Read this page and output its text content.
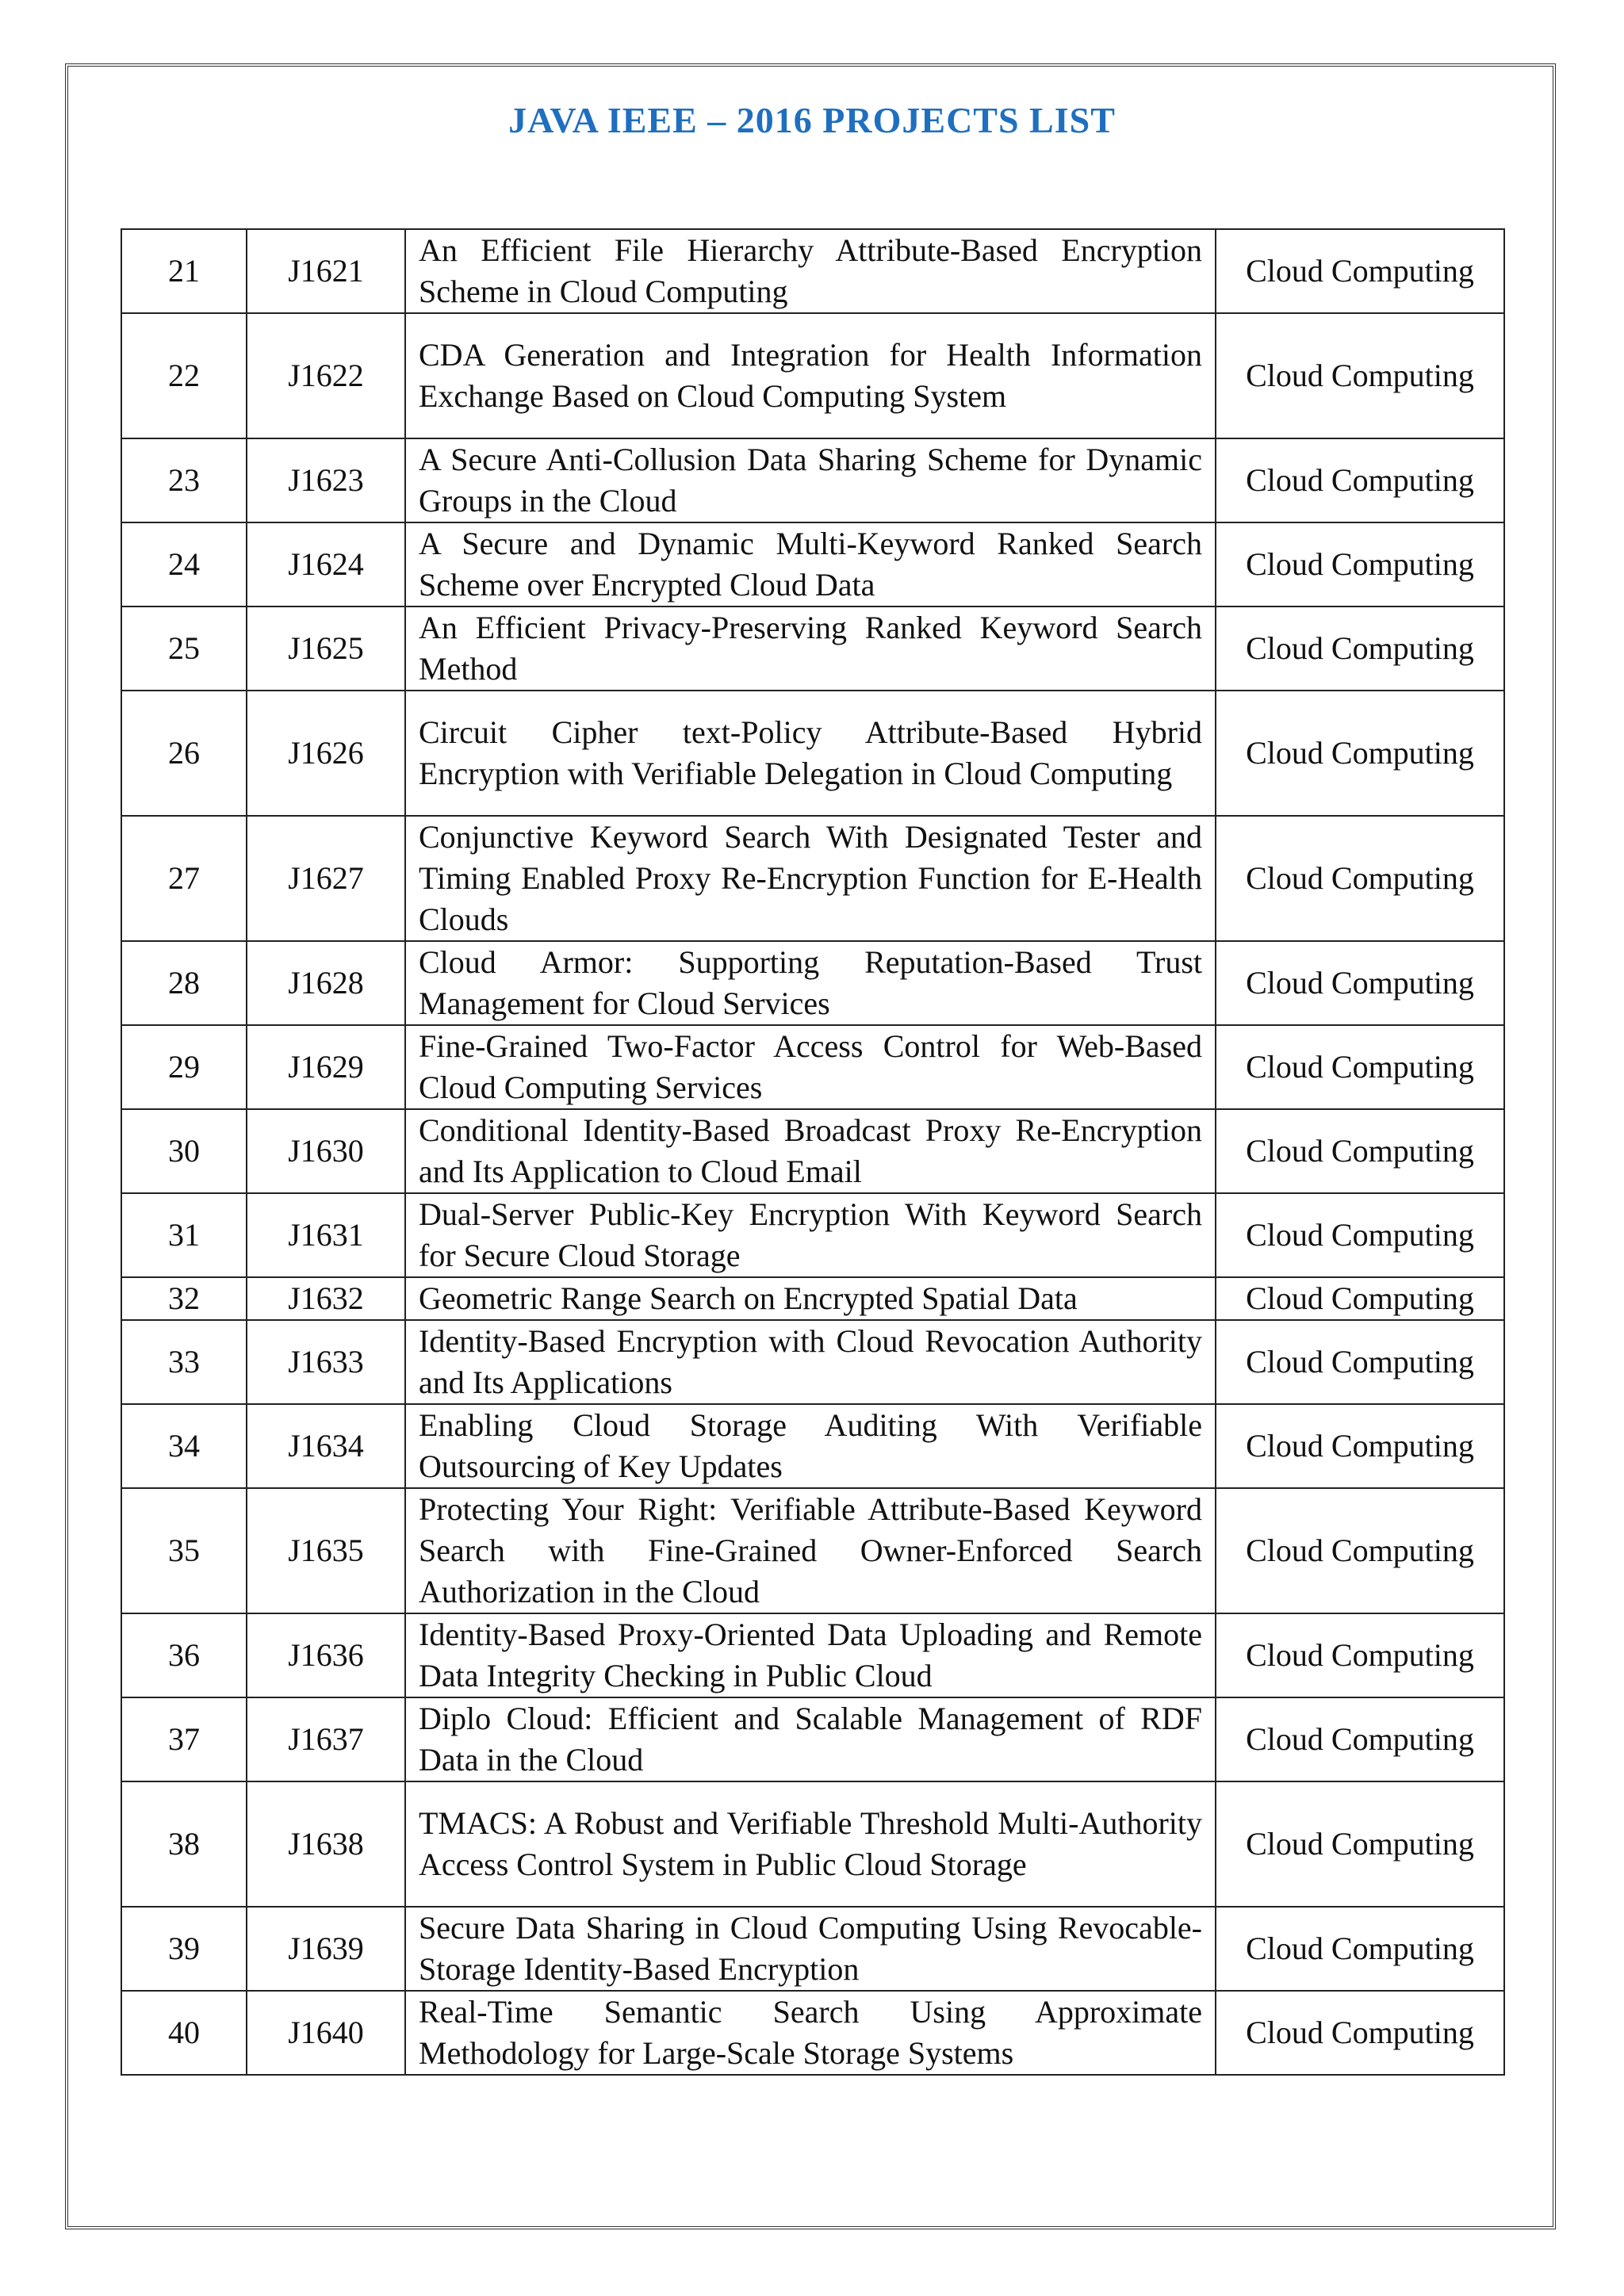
JAVA IEEE – 2016 PROJECTS LIST
21	J1621	An Efficient File Hierarchy Attribute-Based Encryption Scheme in Cloud Computing	Cloud Computing
22	J1622	CDA Generation and Integration for Health Information Exchange Based on Cloud Computing System	Cloud Computing
23	J1623	A Secure Anti-Collusion Data Sharing Scheme for Dynamic Groups in the Cloud	Cloud Computing
24	J1624	A Secure and Dynamic Multi-Keyword Ranked Search Scheme over Encrypted Cloud Data	Cloud Computing
25	J1625	An Efficient Privacy-Preserving Ranked Keyword Search Method	Cloud Computing
26	J1626	Circuit Cipher text-Policy Attribute-Based Hybrid Encryption with Verifiable Delegation in Cloud Computing	Cloud Computing
27	J1627	Conjunctive Keyword Search With Designated Tester and Timing Enabled Proxy Re-Encryption Function for E-Health Clouds	Cloud Computing
28	J1628	Cloud Armor: Supporting Reputation-Based Trust Management for Cloud Services	Cloud Computing
29	J1629	Fine-Grained Two-Factor Access Control for Web-Based Cloud Computing Services	Cloud Computing
30	J1630	Conditional Identity-Based Broadcast Proxy Re-Encryption and Its Application to Cloud Email	Cloud Computing
31	J1631	Dual-Server Public-Key Encryption With Keyword Search for Secure Cloud Storage	Cloud Computing
32	J1632	Geometric Range Search on Encrypted Spatial Data	Cloud Computing
33	J1633	Identity-Based Encryption with Cloud Revocation Authority and Its Applications	Cloud Computing
34	J1634	Enabling Cloud Storage Auditing With Verifiable Outsourcing of Key Updates	Cloud Computing
35	J1635	Protecting Your Right: Verifiable Attribute-Based Keyword Search with Fine-Grained Owner-Enforced Search Authorization in the Cloud	Cloud Computing
36	J1636	Identity-Based Proxy-Oriented Data Uploading and Remote Data Integrity Checking in Public Cloud	Cloud Computing
37	J1637	Diplo Cloud: Efficient and Scalable Management of RDF Data in the Cloud	Cloud Computing
38	J1638	TMACS: A Robust and Verifiable Threshold Multi-Authority Access Control System in Public Cloud Storage	Cloud Computing
39	J1639	Secure Data Sharing in Cloud Computing Using Revocable-Storage Identity-Based Encryption	Cloud Computing
40	J1640	Real-Time Semantic Search Using Approximate Methodology for Large-Scale Storage Systems	Cloud Computing
